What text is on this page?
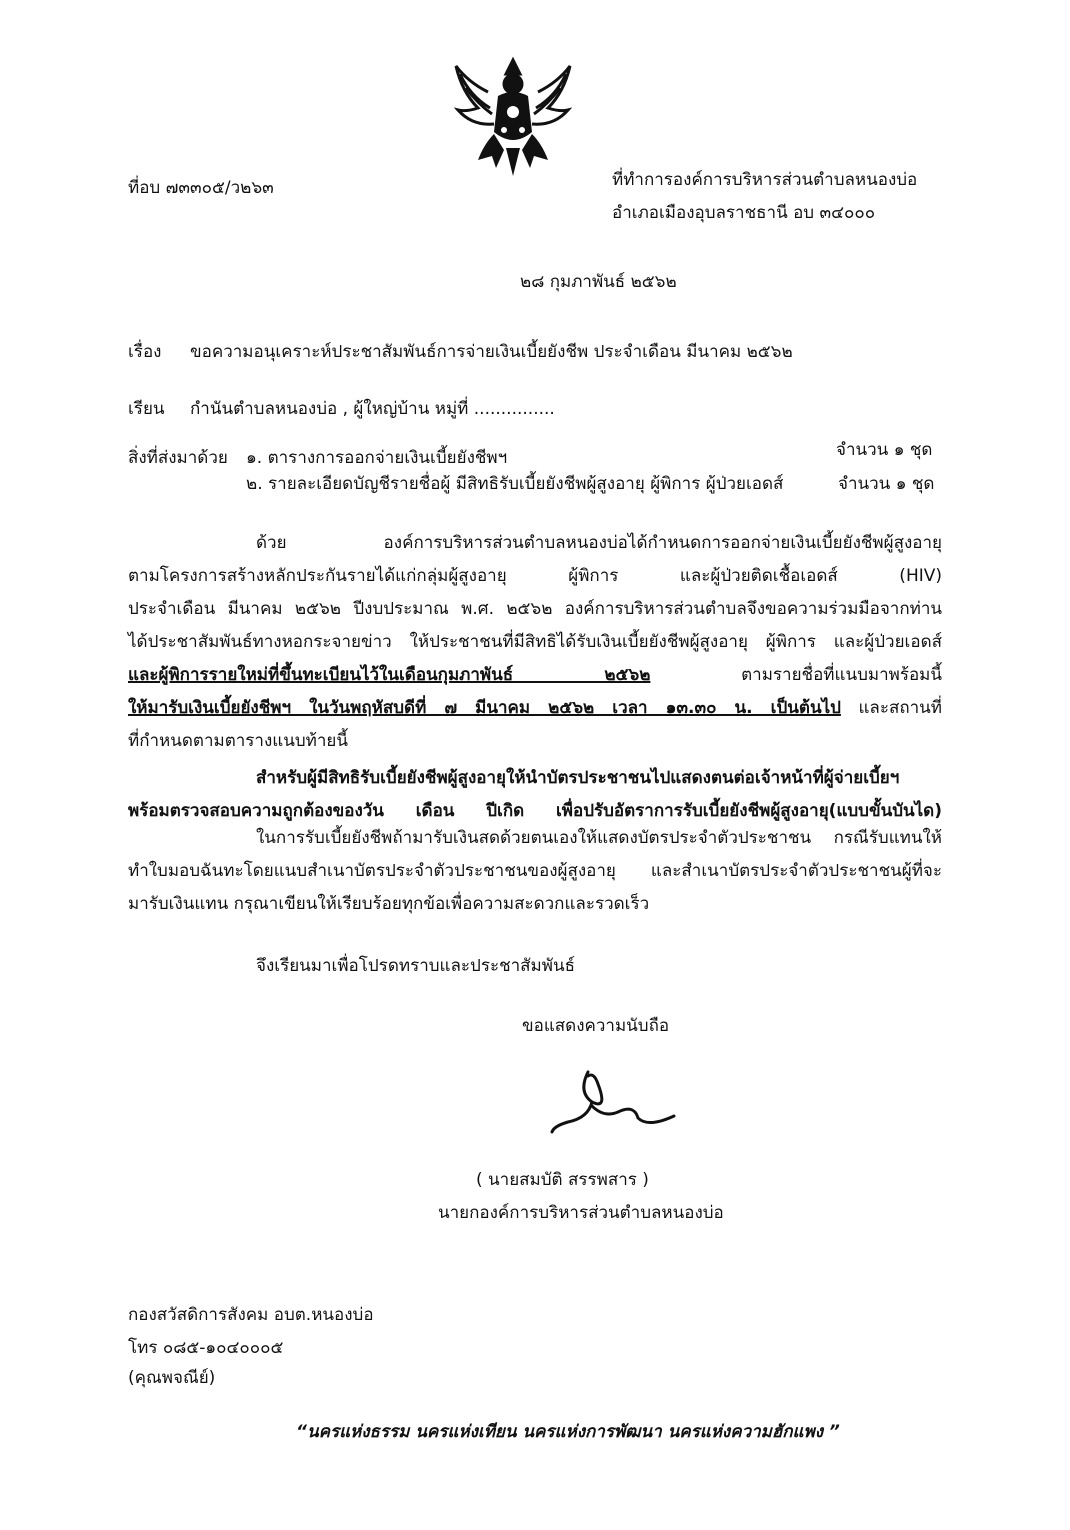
ที่อบ ๗๓๓๐๕/ว๒๖๓	ที่ทำการองค์การบริหารส่วนตำบลหนองบ่อ
อำเภอเมืองอุบลราชธานี อบ ๓๔๐๐๐
๒๘ กุมภาพันธ์ ๒๕๖๒
เรื่อง ขอความอนุเคราะห์ประชาสัมพันธ์การจ่ายเงินเบี้ยยังชีพ ประจำเดือน มีนาคม ๒๕๖๒
เรียน กำนันตำบลหนองบ่อ , ผู้ใหญ่บ้าน หมู่ที่ ...............
สิ่งที่ส่งมาด้วย ๑. ตารางการออกจ่ายเงินเบี้ยยังชีพฯ	จำนวน ๑ ชุด
๒. รายละเอียดบัญชีรายชื่อผู้ มีสิทธิรับเบี้ยยังชีพผู้สูงอายุ ผู้พิการ ผู้ป่วยเอดส์	จำนวน ๑ ชุด
ด้วย องค์การบริหารส่วนตำบลหนองบ่อได้กำหนดการออกจ่ายเงินเบี้ยยังชีพผู้สูงอายุ
ตามโครงการสร้างหลักประกันรายได้แก่กลุ่มผู้สูงอายุ ผู้พิการ และผู้ป่วยติดเชื้อเอดส์ (HIV)
ประจำเดือน มีนาคม ๒๕๖๒ ปีงบประมาณ พ.ศ. ๒๕๖๒ องค์การบริหารส่วนตำบลจึงขอความร่วมมือจากท่าน
ได้ประชาสัมพันธ์ทางหอกระจายข่าว ให้ประชาชนที่มีสิทธิได้รับเงินเบี้ยยังชีพผู้สูงอายุ ผู้พิการ และผู้ป่วยเอดส์
และผู้พิการรายใหม่ที่ขึ้นทะเบียนไว้ในเดือนกุมภาพันธ์ ๒๕๖๒ ตามรายชื่อที่แนบมาพร้อมนี้
ให้มารับเงินเบี้ยยังชีพฯ ในวันพฤหัสบดีที่ ๗ มีนาคม ๒๕๖๒ เวลา ๑๓.๓๐ น. เป็นต้นไป และสถานที่
ที่กำหนดตามตารางแนบท้ายนี้
สำหรับผู้มีสิทธิรับเบี้ยยังชีพผู้สูงอายุให้นำบัตรประชาชนไปแสดงตนต่อเจ้าหน้าที่ผู้จ่ายเบี้ยฯ
พร้อมตรวจสอบความถูกต้องของวัน เดือน ปีเกิด เพื่อปรับอัตราการรับเบี้ยยังชีพผู้สูงอายุ(แบบขั้นบันได)
ในการรับเบี้ยยังชีพถ้ามารับเงินสดด้วยตนเองให้แสดงบัตรประจำตัวประชาชน กรณีรับแทนให้
ทำใบมอบฉันทะโดยแนบสำเนาบัตรประจำตัวประชาชนของผู้สูงอายุ และสำเนาบัตรประจำตัวประชาชนผู้ที่จะ
มารับเงินแทน กรุณาเขียนให้เรียบร้อยทุกข้อเพื่อความสะดวกและรวดเร็ว
จึงเรียนมาเพื่อโปรดทราบและประชาสัมพันธ์
ขอแสดงความนับถือ
( นายสมบัติ สรรพสาร )
นายกองค์การบริหารส่วนตำบลหนองบ่อ
กองสวัสดิการสังคม อบต.หนองบ่อ
โทร ๐๘๕-๑๐๔๐๐๐๕
(คุณพจณีย์)
“นครแห่งธรรม นครแห่งเทียน นครแห่งการพัฒนา นครแห่งความฮักแพง ”
